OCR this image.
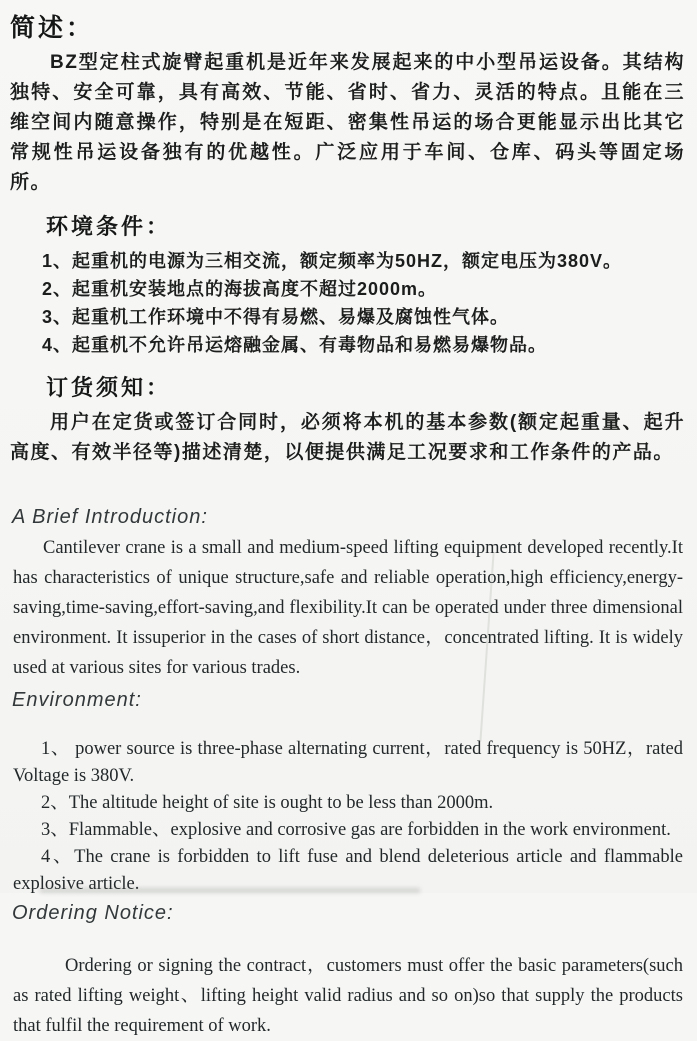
简述：

BZ型定柱式旋臂起重机是近年来发展起来的中小型吊运设备。其结构独特、安全可靠，具有高效、节能、省时、省力、灵活的特点。且能在三维空间内随意操作，特别是在短距、密集性吊运的场合更能显示出比其它常规性吊运设备独有的优越性。广泛应用于车间、仓库、码头等固定场所。

环境条件：

1、起重机的电源为三相交流，额定频率为50HZ，额定电压为380V。

2、起重机安装地点的海拔高度不超过2000m。

3、起重机工作环境中不得有易燃、易爆及腐蚀性气体。

4、起重机不允许吊运熔融金属、有毒物品和易燃易爆物品。

订货须知：

用户在定货或签订合同时，必须将本机的基本参数(额定起重量、起升高度、有效半径等)描述清楚，以便提供满足工况要求和工作条件的产品。

A Brief Introduction:

Cantilever crane is a small and medium-speed lifting equipment developed recently.It has characteristics of unique structure,safe and reliable operation,high efficiency,energy-saving,time-saving,effort-saving,and flexibility.It can be operated under three dimensional environment. It issuperior in the cases of short distance，concentrated lifting. It is widely used at various sites for various trades.

Environment:

1、 power source is three-phase alternating current，rated frequency is 50HZ，rated Voltage is 380V.

2、The altitude height of site is ought to be less than 2000m.

3、Flammable、explosive and corrosive gas are forbidden in the work environment.

4、The crane is forbidden to lift fuse and blend deleterious article and flammable explosive article.

Ordering Notice:

Ordering or signing the contract，customers must offer the basic parameters(such as rated lifting weight、lifting height valid radius and so on)so that supply the products that fulfil the requirement of work.
